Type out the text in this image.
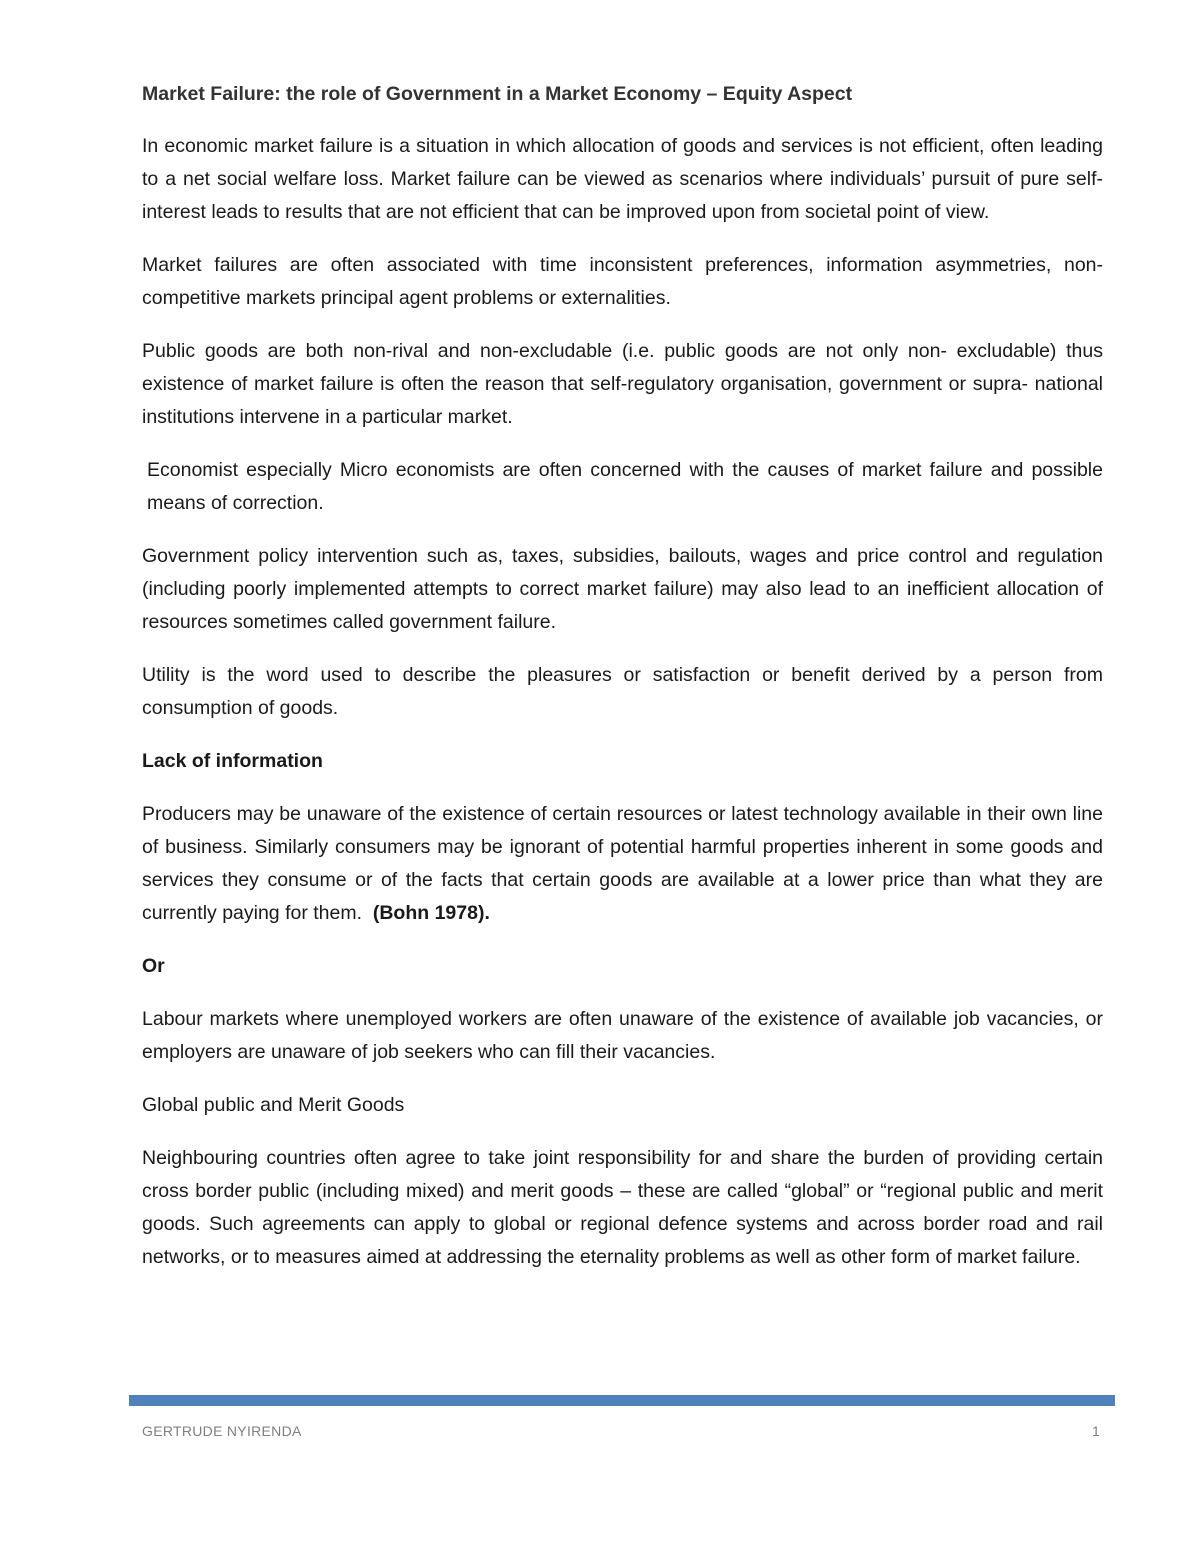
Market Failure: the role of Government in a Market Economy – Equity Aspect

In economic market failure is a situation in which allocation of goods and services is not efficient, often leading to a net social welfare loss. Market failure can be viewed as scenarios where individuals’ pursuit of pure self-interest leads to results that are not efficient that can be improved upon from societal point of view.

Market failures are often associated with time inconsistent preferences, information asymmetries, non-competitive markets principal agent problems or externalities.

Public goods are both non-rival and non-excludable (i.e. public goods are not only non- excludable) thus existence of market failure is often the reason that self-regulatory organisation, government or supra- national institutions intervene in a particular market.

Economist especially Micro economists are often concerned with the causes of market failure and possible means of correction.

Government policy intervention such as, taxes, subsidies, bailouts, wages and price control and regulation (including poorly implemented attempts to correct market failure) may also lead to an inefficient allocation of resources sometimes called government failure.

Utility is the word used to describe the pleasures or satisfaction or benefit derived by a person from consumption of goods.

Lack of information

Producers may be unaware of the existence of certain resources or latest technology available in their own line of business. Similarly consumers may be ignorant of potential harmful properties inherent in some goods and services they consume or of the facts that certain goods are available at a lower price than what they are currently paying for them. (Bohn 1978).

Or

Labour markets where unemployed workers are often unaware of the existence of available job vacancies, or employers are unaware of job seekers who can fill their vacancies.

Global public and Merit Goods

Neighbouring countries often agree to take joint responsibility for and share the burden of providing certain cross border public (including mixed) and merit goods – these are called “global” or “regional public and merit goods. Such agreements can apply to global or regional defence systems and across border road and rail networks, or to measures aimed at addressing the eternality problems as well as other form of market failure.

GERTRUDE NYIRENDA	1
